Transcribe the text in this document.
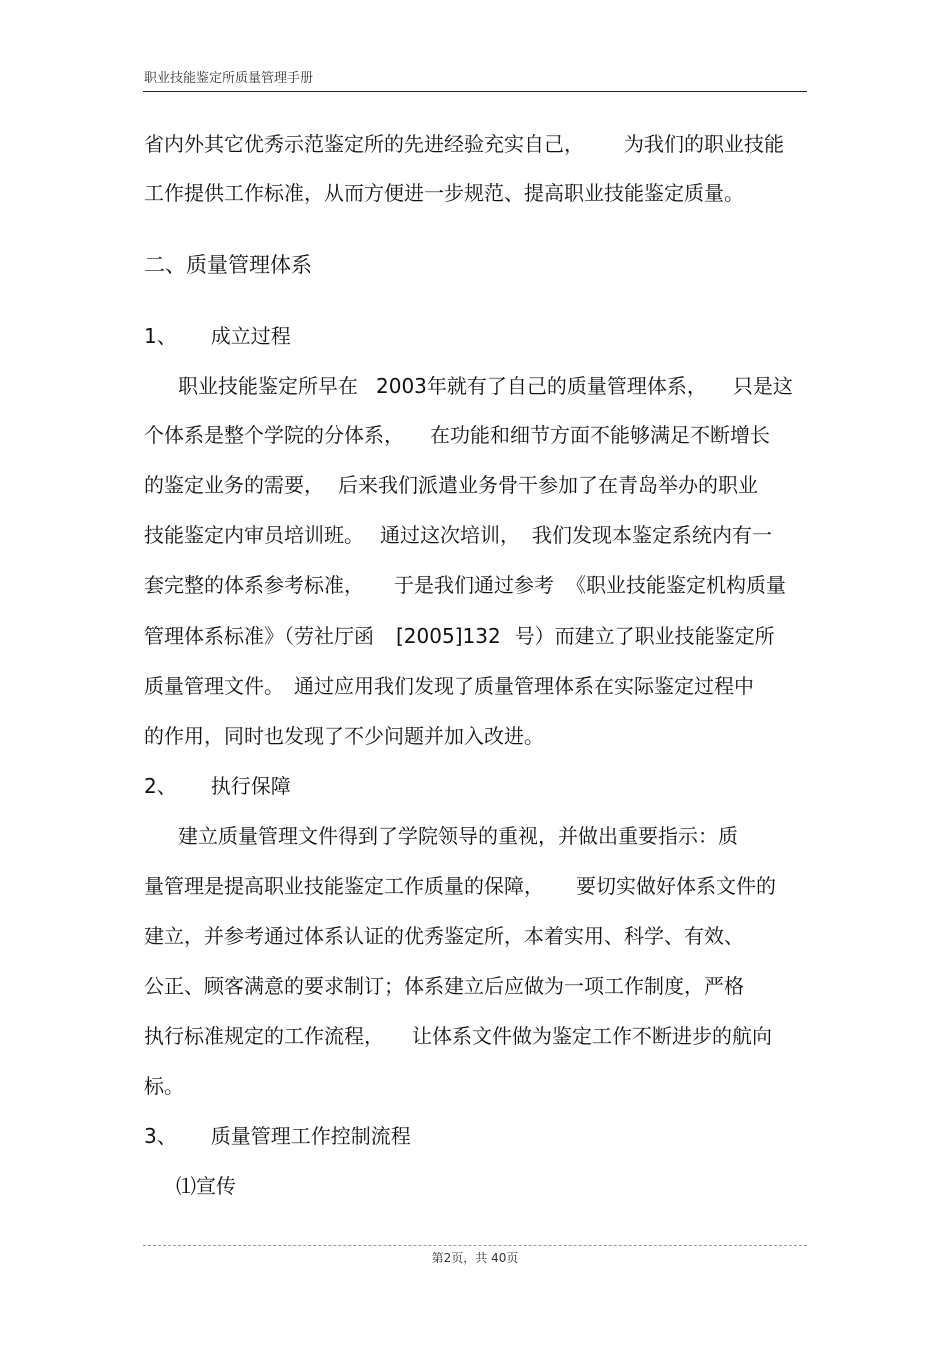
职业技能鉴定所质量管理手册
省内外其它优秀示范鉴定所的先进经验充实自己， 为我们的职业技能
工作提供工作标准，从而方便进一步规范、提高职业技能鉴定质量。
二、质量管理体系
1、 成立过程
职业技能鉴定所早在 2003年就有了自己的质量管理体系， 只是这
个体系是整个学院的分体系， 在功能和细节方面不能够满足不断增长
的鉴定业务的需要， 后来我们派遣业务骨干参加了在青岛举办的职业
技能鉴定内审员培训班。 通过这次培训， 我们发现本鉴定系统内有一
套完整的体系参考标准， 于是我们通过参考 《职业技能鉴定机构质量
管理体系标准》（劳社厅函 [2005]132 号）而建立了职业技能鉴定所
质量管理文件。 通过应用我们发现了质量管理体系在实际鉴定过程中
的作用，同时也发现了不少问题并加入改进。
2、 执行保障
建立质量管理文件得到了学院领导的重视，并做出重要指示：质
量管理是提高职业技能鉴定工作质量的保障， 要切实做好体系文件的
建立，并参考通过体系认证的优秀鉴定所，本着实用、科学、有效、
公正、顾客满意的要求制订；体系建立后应做为一项工作制度，严格
执行标准规定的工作流程， 让体系文件做为鉴定工作不断进步的航向
标。
3、 质量管理工作控制流程
⑴宣传
第2页，共 40页
